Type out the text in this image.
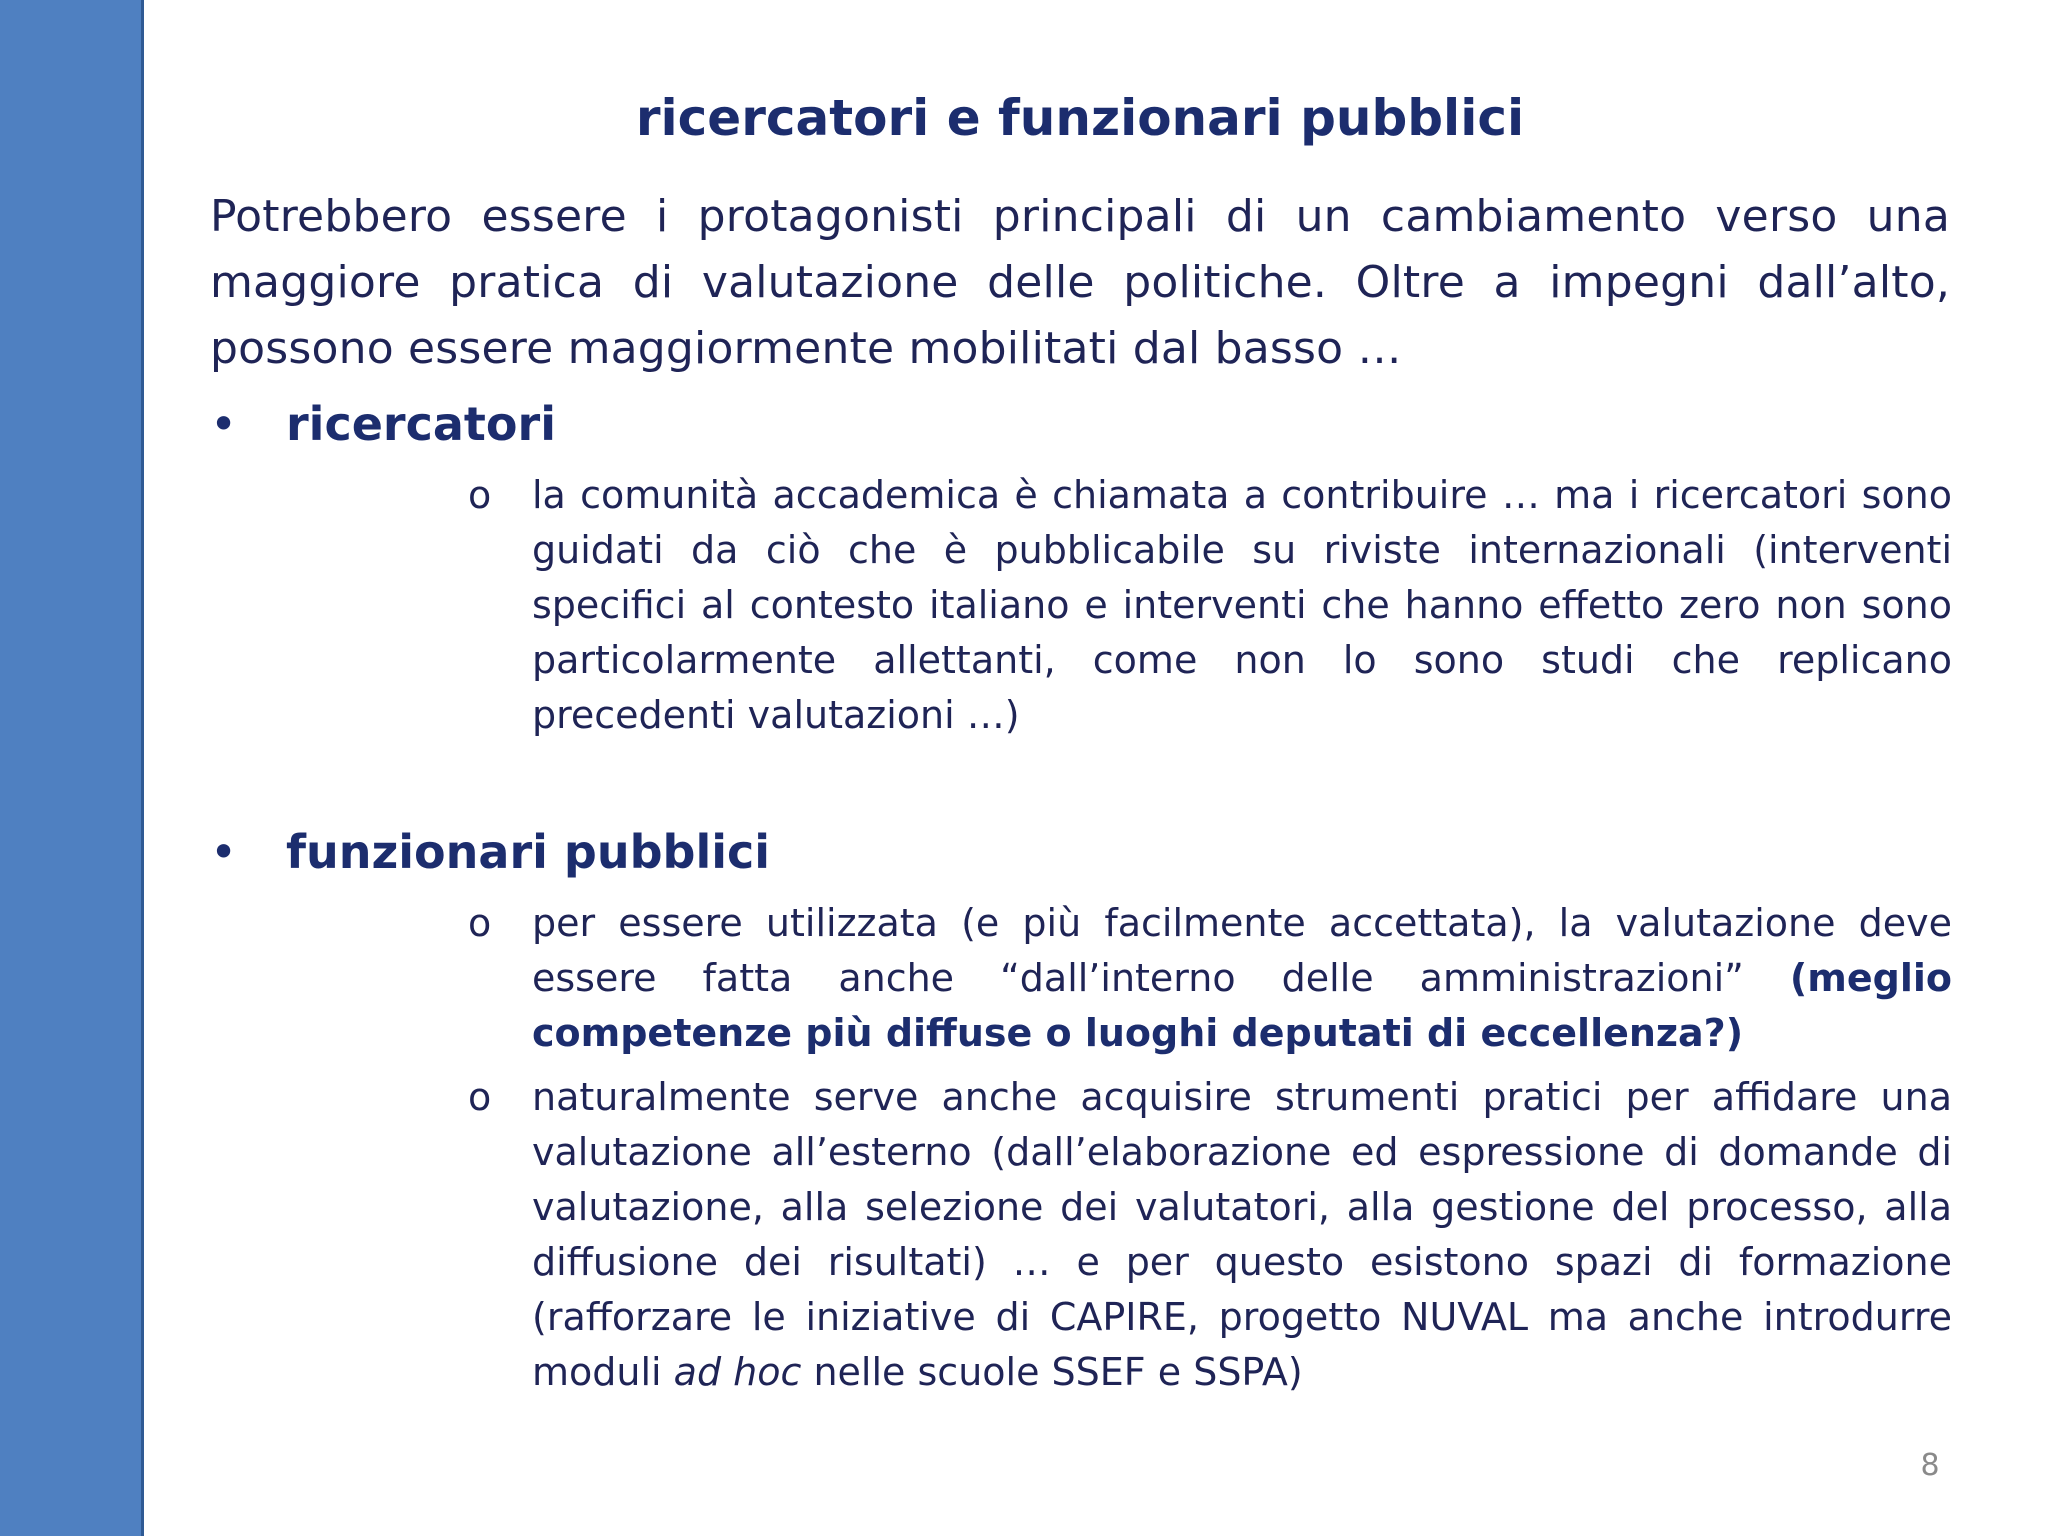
ricercatori e funzionari pubblici
Potrebbero essere i protagonisti principali di un cambiamento verso una maggiore pratica di valutazione delle politiche. Oltre a impegni dall’alto, possono essere maggiormente mobilitati dal basso …
• ricercatori
o	la comunità accademica è chiamata a contribuire … ma i ricercatori sono guidati da ciò che è pubblicabile su riviste internazionali (interventi specifici al contesto italiano e interventi che hanno effetto zero non sono particolarmente allettanti, come non lo sono studi che replicano precedenti valutazioni …)
• funzionari pubblici
o	per essere utilizzata (e più facilmente accettata), la valutazione deve essere fatta anche “dall’interno delle amministrazioni” (meglio competenze più diffuse o luoghi deputati di eccellenza?)
o	naturalmente serve anche acquisire strumenti pratici per affidare una valutazione all’esterno (dall’elaborazione ed espressione di domande di valutazione, alla selezione dei valutatori, alla gestione del processo, alla diffusione dei risultati) … e per questo esistono spazi di formazione (rafforzare le iniziative di CAPIRE, progetto NUVAL ma anche introdurre moduli ad hoc nelle scuole SSEF e SSPA)
8
